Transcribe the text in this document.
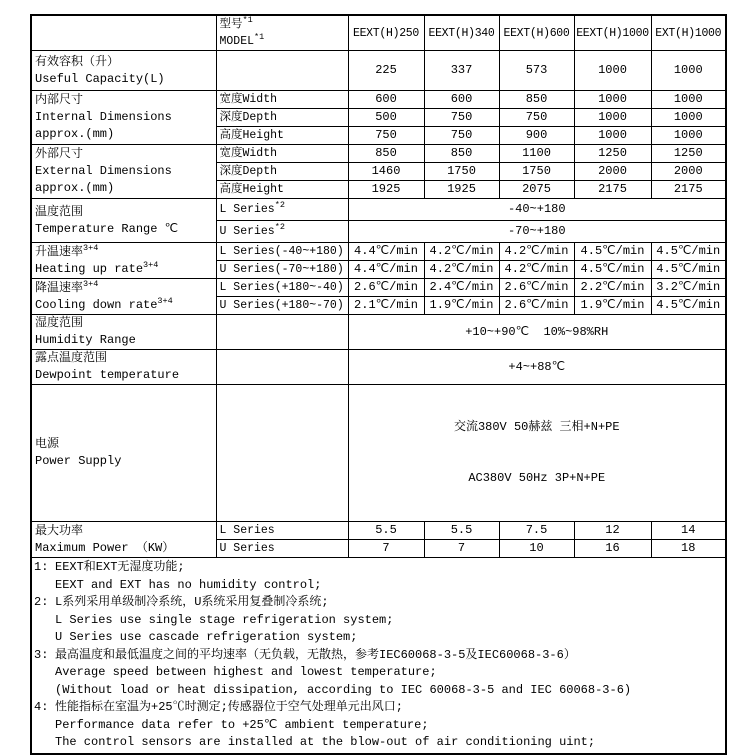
	型号$^{*1}$
MODEL$^{*1}$	EEXT(H)250	EEXT(H)340	EEXT(H)600	EEXT(H)1000	EXT(H)1000

有效容积（升）
Useful Capacity(L)		225	337	573	1000	1000

内部尺寸
Internal Dimensions
approx.(mm)	宽度Width	600	600	850	1000	1000
	深度Depth	500	750	750	1000	1000
	高度Height	750	750	900	1000	1000

外部尺寸
External Dimensions
approx.(mm)	宽度Width	850	850	1100	1250	1250
	深度Depth	1460	1750	1750	2000	2000
	高度Height	1925	1925	2075	2175	2175

温度范围
Temperature Range ℃	L Series$^{*2}$	-40~+180				
	U Series$^{*2}$	-70~+180				

升温速率$^{3+4}$
Heating up rate$^{3+4}$	L Series(-40~+180)	4.4℃/min	4.2℃/min	4.2℃/min	4.5℃/min	4.5℃/min
	U Series(-70~+180)	4.4℃/min	4.2℃/min	4.2℃/min	4.5℃/min	4.5℃/min

降温速率$^{3+4}$
Cooling down rate$^{3+4}$	L Series(+180~-40)	2.6℃/min	2.4℃/min	2.6℃/min	2.2℃/min	3.2℃/min
	U Series(+180~-70)	2.1℃/min	1.9℃/min	2.6℃/min	1.9℃/min	4.5℃/min

湿度范围
Humidity Range		+10~+90℃  10%~98%RH				

露点温度范围
Dewpoint temperature		+4~+88℃				

电源
Power Supply

交流380V 50赫兹 三相+N+PE

AC380V 50Hz 3P+N+PE

最大功率
Maximum Power （KW）	L Series	5.5	5.5	7.5	12	14
	U Series	7	7	10	16	18

1: EEXT和EXT无湿度功能;
EEXT and EXT has no humidity control;
2: L系列采用单级制冷系统，U系统采用复叠制冷系统;
L Series use single stage refrigeration system;
U Series use cascade refrigeration system;
3: 最高温度和最低温度之间的平均速率（无负载，无散热，参考IEC60068-3-5及IEC60068-3-6）
Average speed between highest and lowest temperature;
(Without load or heat dissipation, according to IEC 60068-3-5 and IEC 60068-3-6)
4: 性能指标在室温为+25℃时测定;传感器位于空气处理单元出风口;
Performance data refer to +25℃ ambient temperature;
The control sensors are installed at the blow-out of air conditioning uint;
